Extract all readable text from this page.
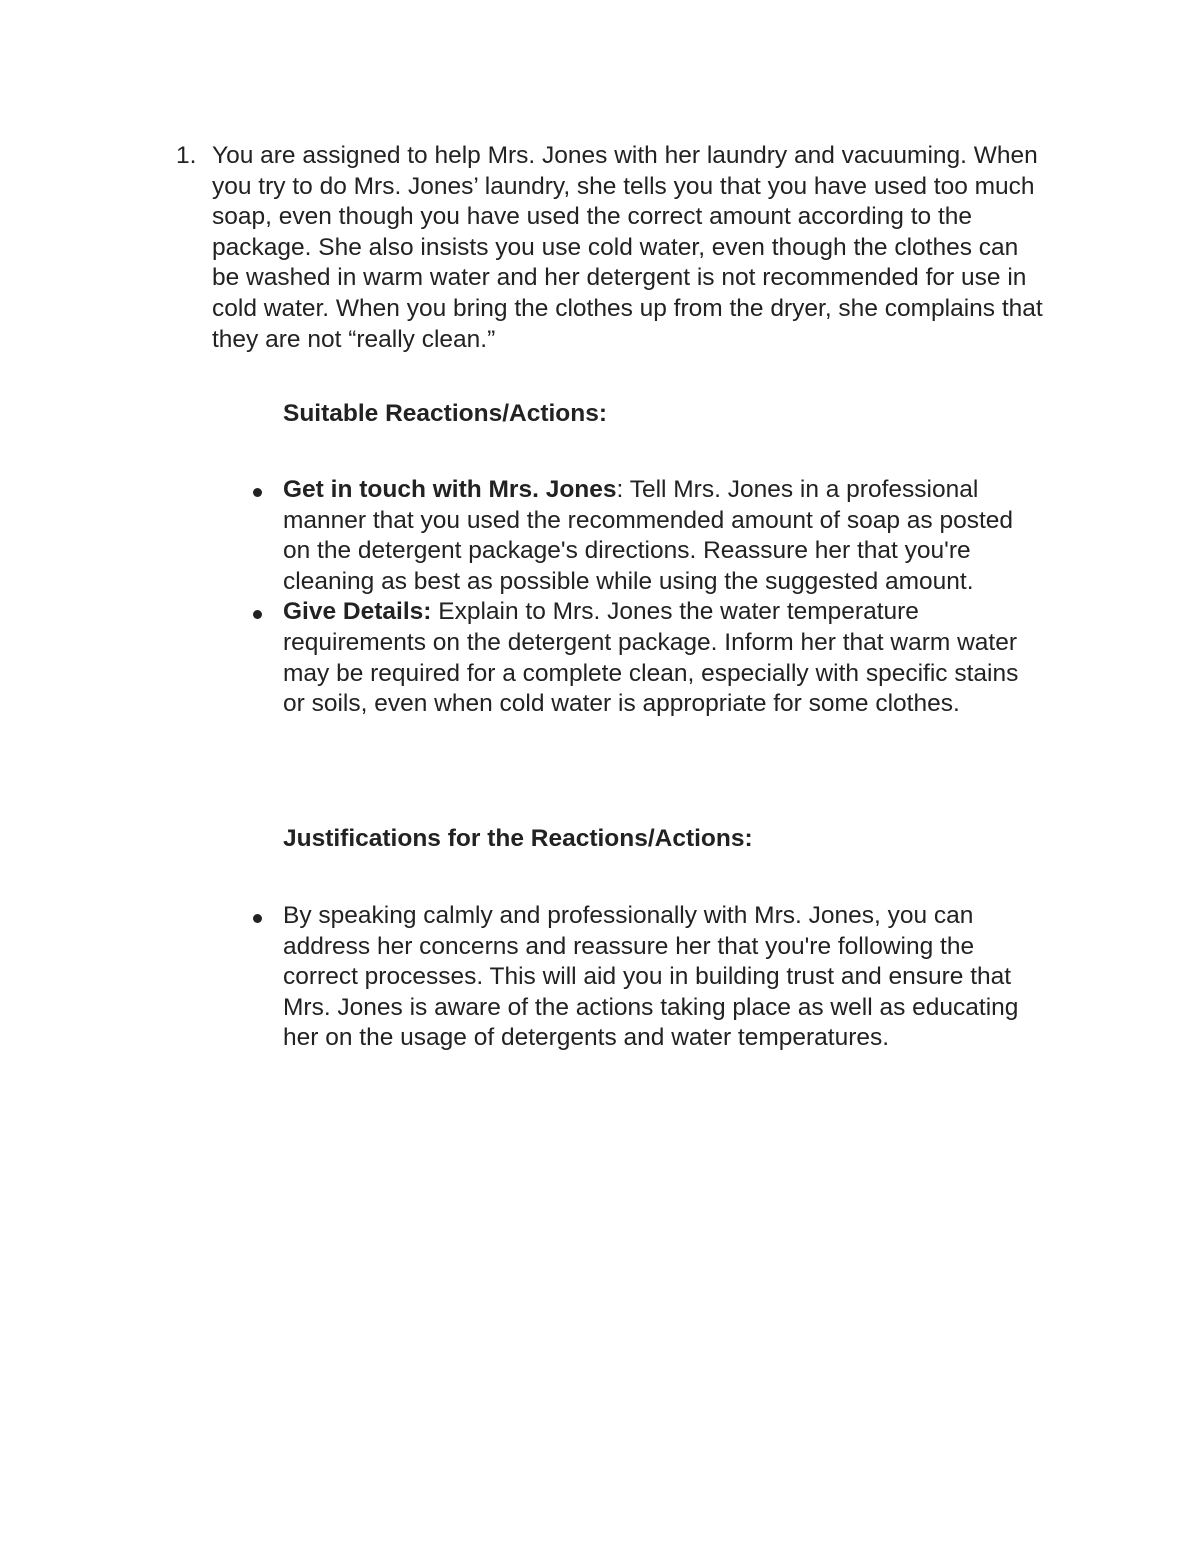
1. You are assigned to help Mrs. Jones with her laundry and vacuuming. When you try to do Mrs. Jones’ laundry, she tells you that you have used too much soap, even though you have used the correct amount according to the package. She also insists you use cold water, even though the clothes can be washed in warm water and her detergent is not recommended for use in cold water. When you bring the clothes up from the dryer, she complains that they are not “really clean.”
Suitable Reactions/Actions:
Get in touch with Mrs. Jones: Tell Mrs. Jones in a professional manner that you used the recommended amount of soap as posted on the detergent package's directions. Reassure her that you're cleaning as best as possible while using the suggested amount.
Give Details: Explain to Mrs. Jones the water temperature requirements on the detergent package. Inform her that warm water may be required for a complete clean, especially with specific stains or soils, even when cold water is appropriate for some clothes.
Justifications for the Reactions/Actions:
By speaking calmly and professionally with Mrs. Jones, you can address her concerns and reassure her that you're following the correct processes. This will aid you in building trust and ensure that Mrs. Jones is aware of the actions taking place as well as educating her on the usage of detergents and water temperatures.
